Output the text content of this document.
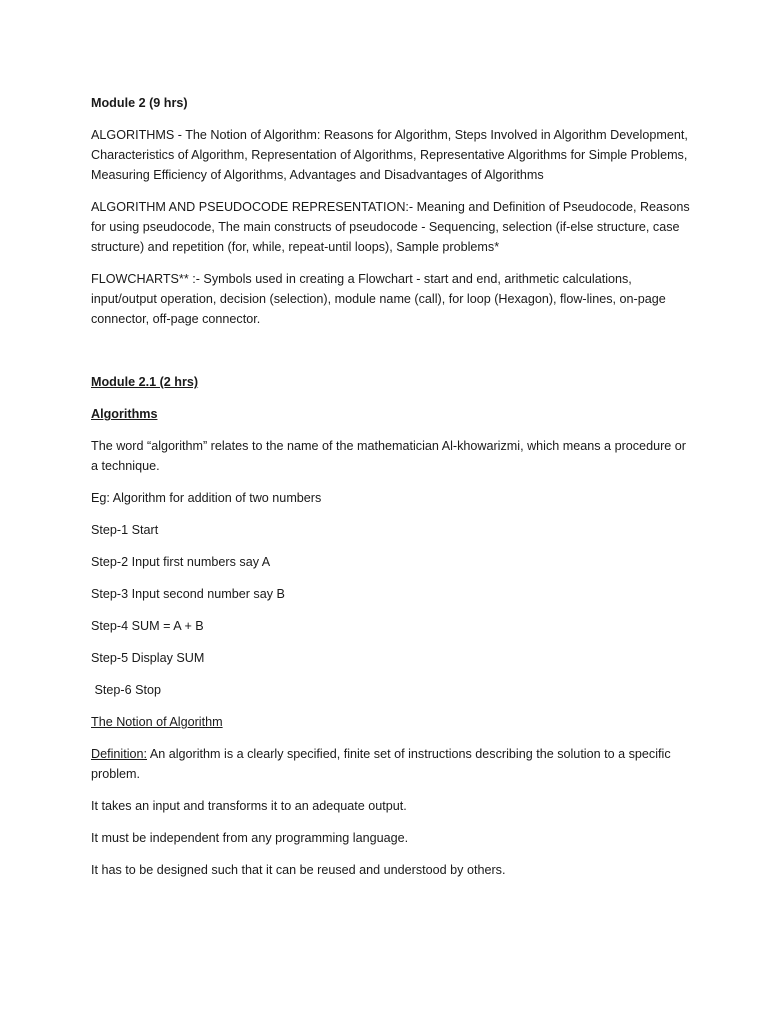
Module 2 (9 hrs)

ALGORITHMS - The Notion of Algorithm: Reasons for Algorithm, Steps Involved in Algorithm Development, Characteristics of Algorithm, Representation of Algorithms, Representative Algorithms for Simple Problems, Measuring Efficiency of Algorithms, Advantages and Disadvantages of Algorithms

ALGORITHM AND PSEUDOCODE REPRESENTATION:- Meaning and Definition of Pseudocode, Reasons for using pseudocode, The main constructs of pseudocode - Sequencing, selection (if-else structure, case structure) and repetition (for, while, repeat-until loops), Sample problems*

FLOWCHARTS** :- Symbols used in creating a Flowchart - start and end, arithmetic calculations, input/output operation, decision (selection), module name (call), for loop (Hexagon), flow-lines, on-page connector, off-page connector.

Module 2.1 (2 hrs)

Algorithms

The word “algorithm” relates to the name of the mathematician Al-khowarizmi, which means a procedure or a technique.

Eg: Algorithm for addition of two numbers

Step-1 Start

Step-2 Input first numbers say A

Step-3 Input second number say B

Step-4 SUM = A + B

Step-5 Display SUM

Step-6 Stop

The Notion of Algorithm

Definition: An algorithm is a clearly specified, finite set of instructions describing the solution to a specific problem.

It takes an input and transforms it to an adequate output.

It must be independent from any programming language.

It has to be designed such that it can be reused and understood by others.
